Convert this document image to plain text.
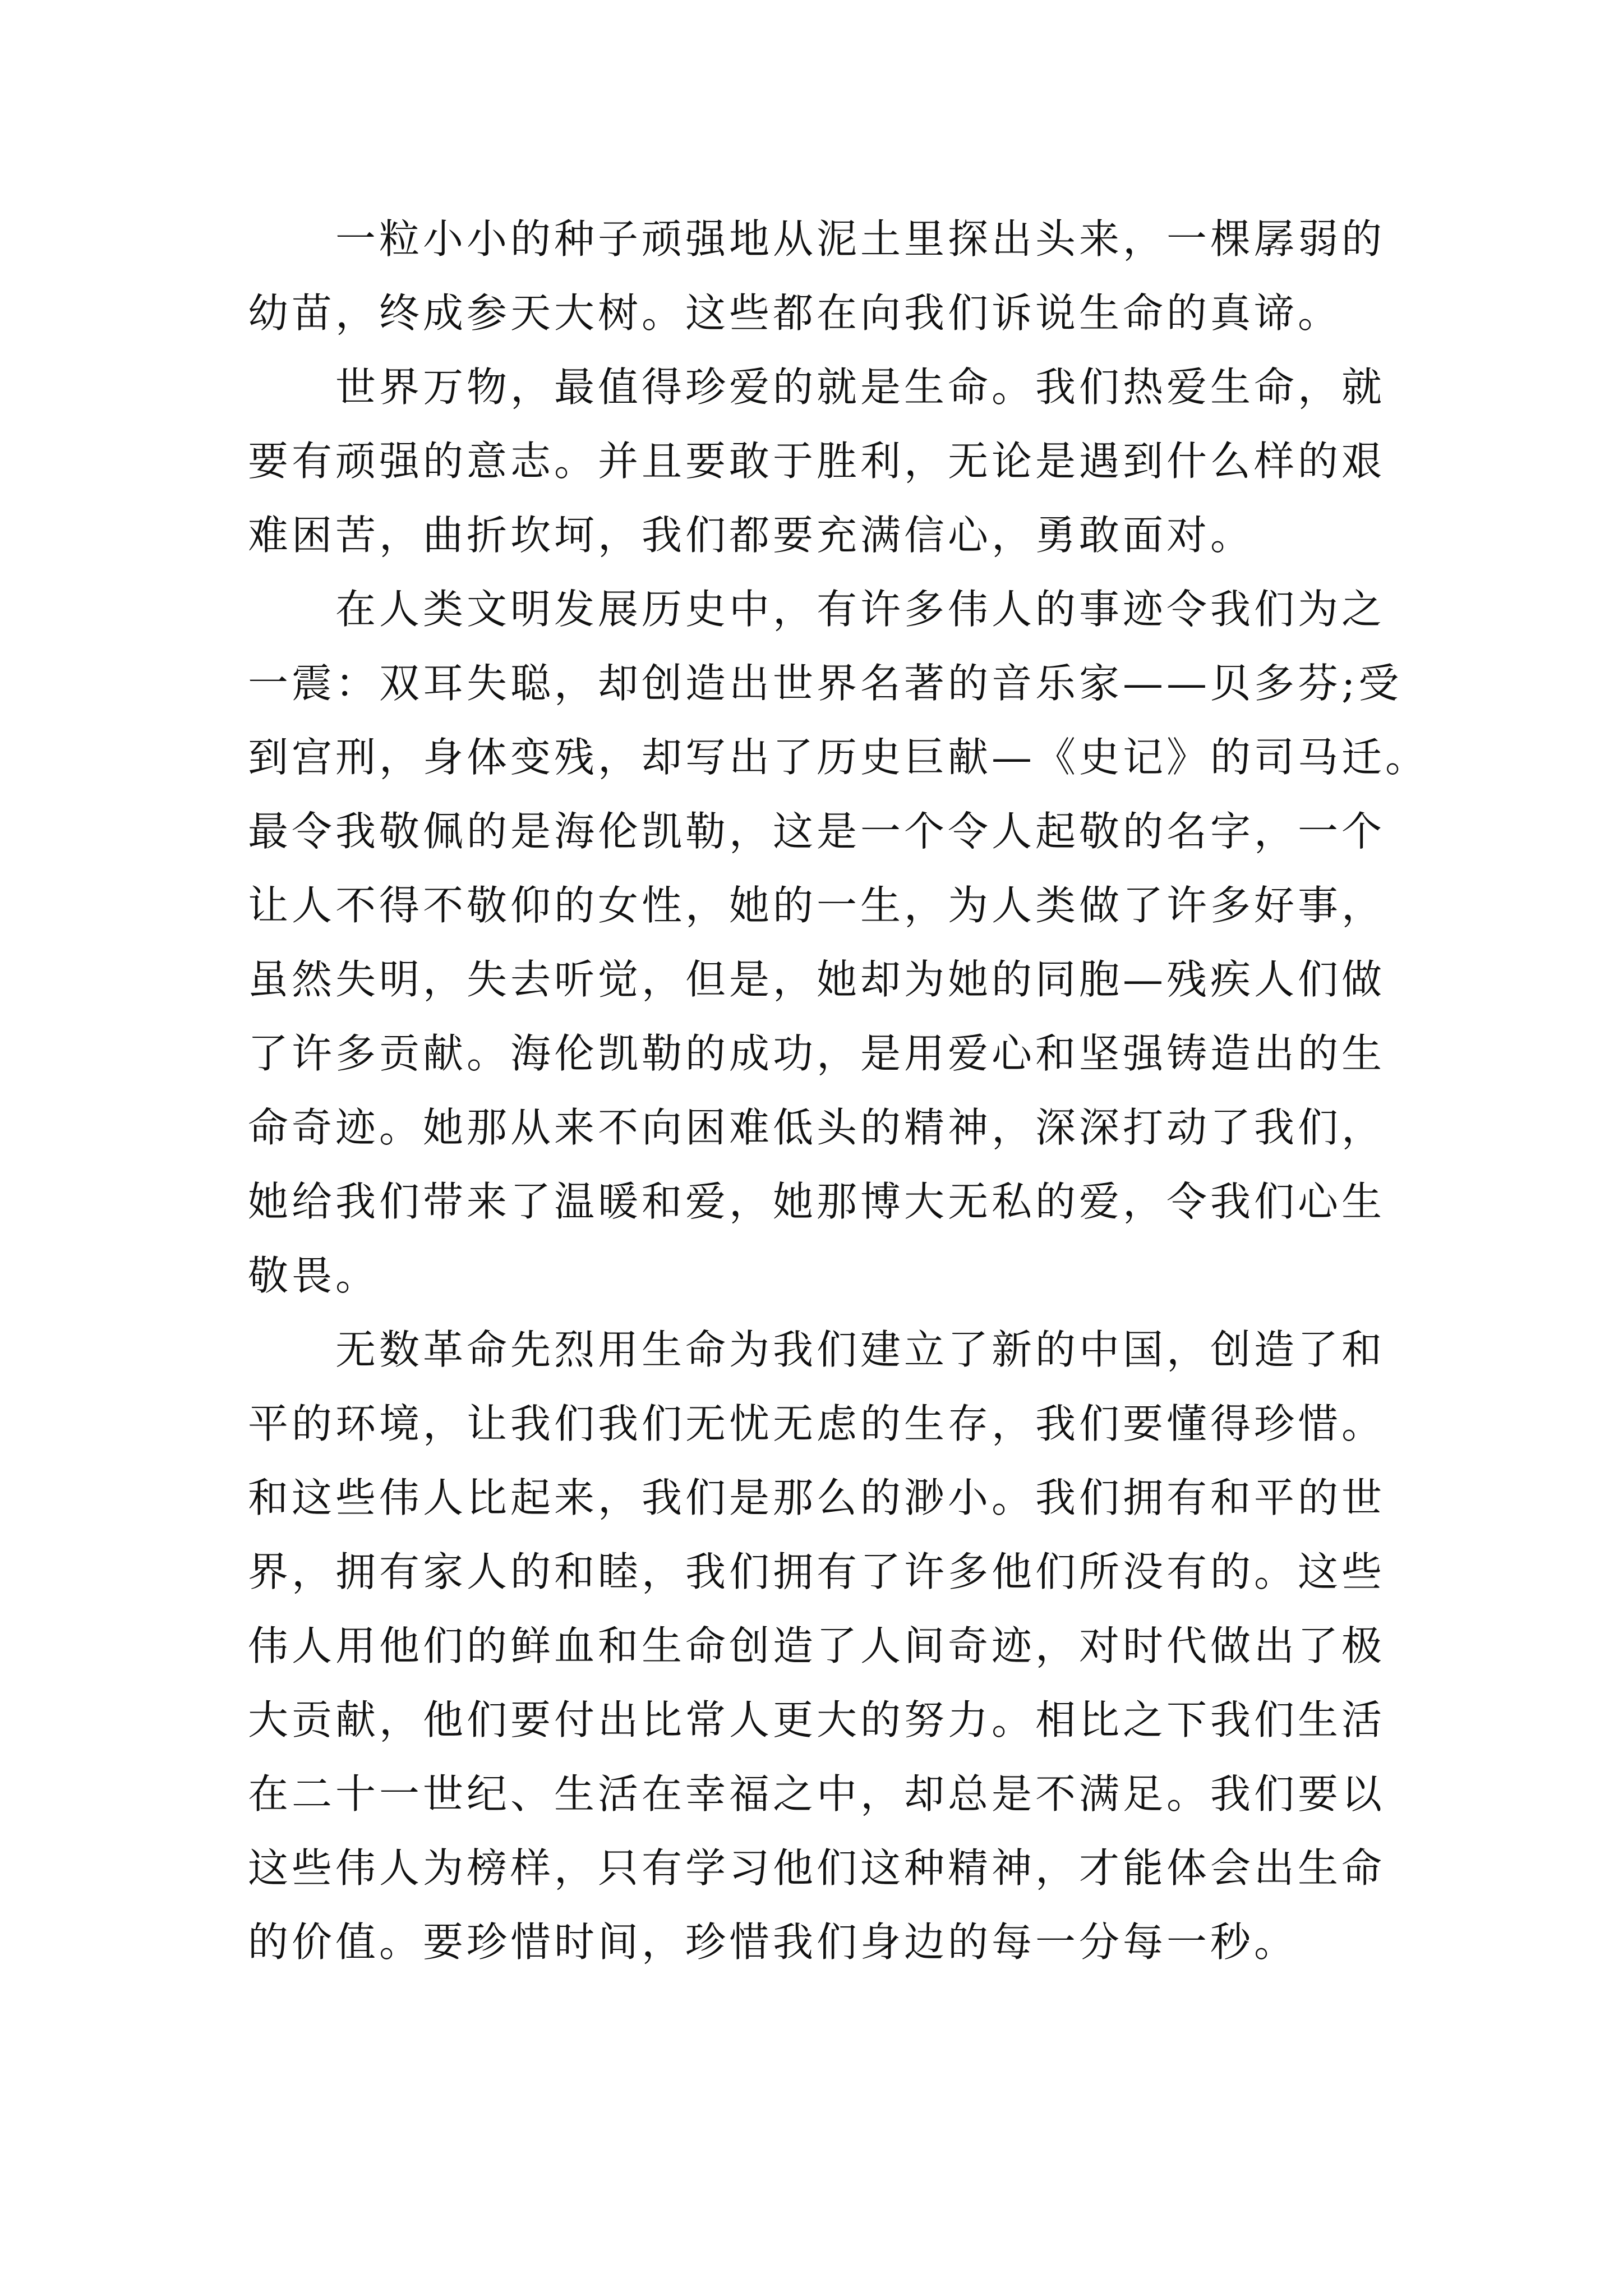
一粒小小的种子顽强地从泥土里探出头来，一棵孱弱的
幼苗，终成参天大树。这些都在向我们诉说生命的真谛。
世界万物，最值得珍爱的就是生命。我们热爱生命，就
要有顽强的意志。并且要敢于胜利，无论是遇到什么样的艰
难困苦，曲折坎坷，我们都要充满信心，勇敢面对。
在人类文明发展历史中，有许多伟人的事迹令我们为之
一震：双耳失聪，却创造出世界名著的音乐家——贝多芬;受
到宫刑，身体变残，却写出了历史巨献—《史记》的司马迁。
最令我敬佩的是海伦凯勒，这是一个令人起敬的名字，一个
让人不得不敬仰的女性，她的一生，为人类做了许多好事，
虽然失明，失去听觉，但是，她却为她的同胞—残疾人们做
了许多贡献。海伦凯勒的成功，是用爱心和坚强铸造出的生
命奇迹。她那从来不向困难低头的精神，深深打动了我们，
她给我们带来了温暖和爱，她那博大无私的爱，令我们心生
敬畏。
无数革命先烈用生命为我们建立了新的中国，创造了和
平的环境，让我们我们无忧无虑的生存，我们要懂得珍惜。
和这些伟人比起来，我们是那么的渺小。我们拥有和平的世
界，拥有家人的和睦，我们拥有了许多他们所没有的。这些
伟人用他们的鲜血和生命创造了人间奇迹，对时代做出了极
大贡献，他们要付出比常人更大的努力。相比之下我们生活
在二十一世纪、生活在幸福之中，却总是不满足。我们要以
这些伟人为榜样，只有学习他们这种精神，才能体会出生命
的价值。要珍惜时间，珍惜我们身边的每一分每一秒。
